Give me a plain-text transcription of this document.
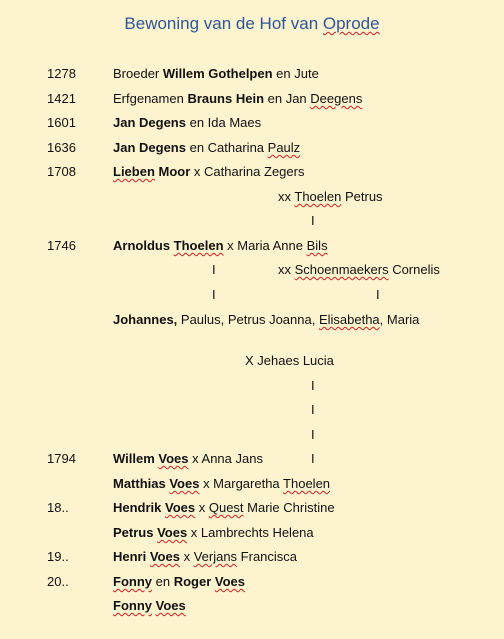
Bewoning van de Hof van Oprode
1278	Broeder Willem Gothelpen en Jute
1421	Erfgenamen Brauns Hein en Jan Deegens
1601	Jan Degens en Ida Maes
1636	Jan Degens en Catharina Paulz
1708	Lieben Moor x Catharina Zegers
xx Thoelen Petrus
I
1746	Arnoldus Thoelen x Maria Anne Bils
I	xx Schoenmaekers Cornelis
I	I
Johannes, Paulus, Petrus Joanna, Elisabetha, Maria
X Jehaes Lucia
I
I
I
1794	Willem Voes x Anna Jans	I
Matthias Voes x Margaretha Thoelen
18..	Hendrik Voes x Quest Marie Christine
Petrus Voes x Lambrechts Helena
19..	Henri Voes x Verjans Francisca
20..	Fonny en Roger Voes
Fonny Voes
